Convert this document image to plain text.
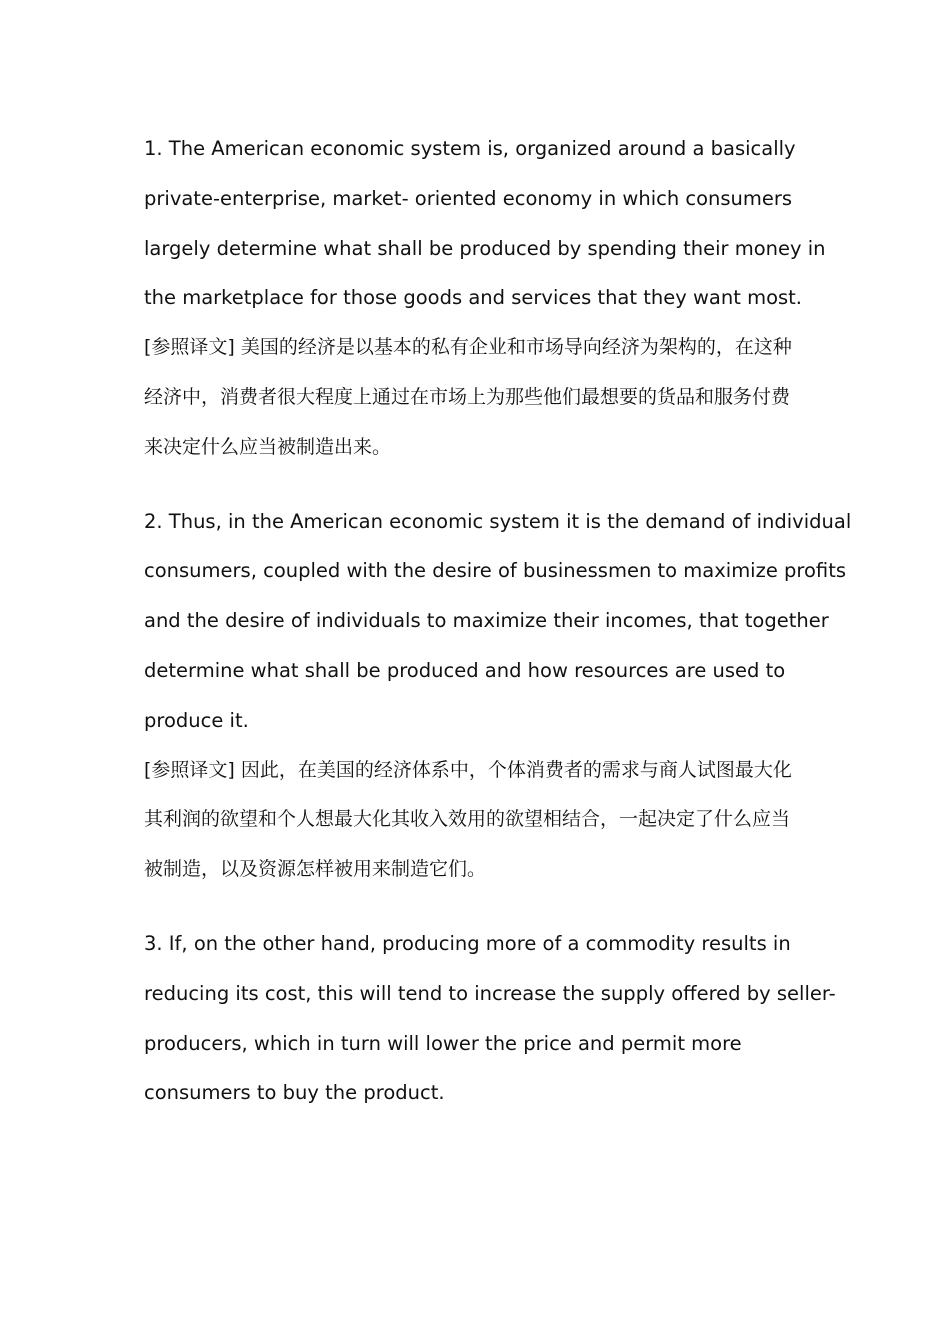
1. The American economic system is, organized around a basically
private-enterprise, market- oriented economy in which consumers
largely determine what shall be produced by spending their money in
the marketplace for those goods and services that they want most.

[参照译文] 美国的经济是以基本的私有企业和市场导向经济为架构的，在这种
经济中，消费者很大程度上通过在市场上为那些他们最想要的货品和服务付费
来决定什么应当被制造出来。

2. Thus, in the American economic system it is the demand of individual
consumers, coupled with the desire of businessmen to maximize profits
and the desire of individuals to maximize their incomes, that together
determine what shall be produced and how resources are used to
produce it.

[参照译文] 因此，在美国的经济体系中，个体消费者的需求与商人试图最大化
其利润的欲望和个人想最大化其收入效用的欲望相结合，一起决定了什么应当
被制造，以及资源怎样被用来制造它们。

3. If, on the other hand, producing more of a commodity results in
reducing its cost, this will tend to increase the supply offered by seller-
producers, which in turn will lower the price and permit more
consumers to buy the product.
